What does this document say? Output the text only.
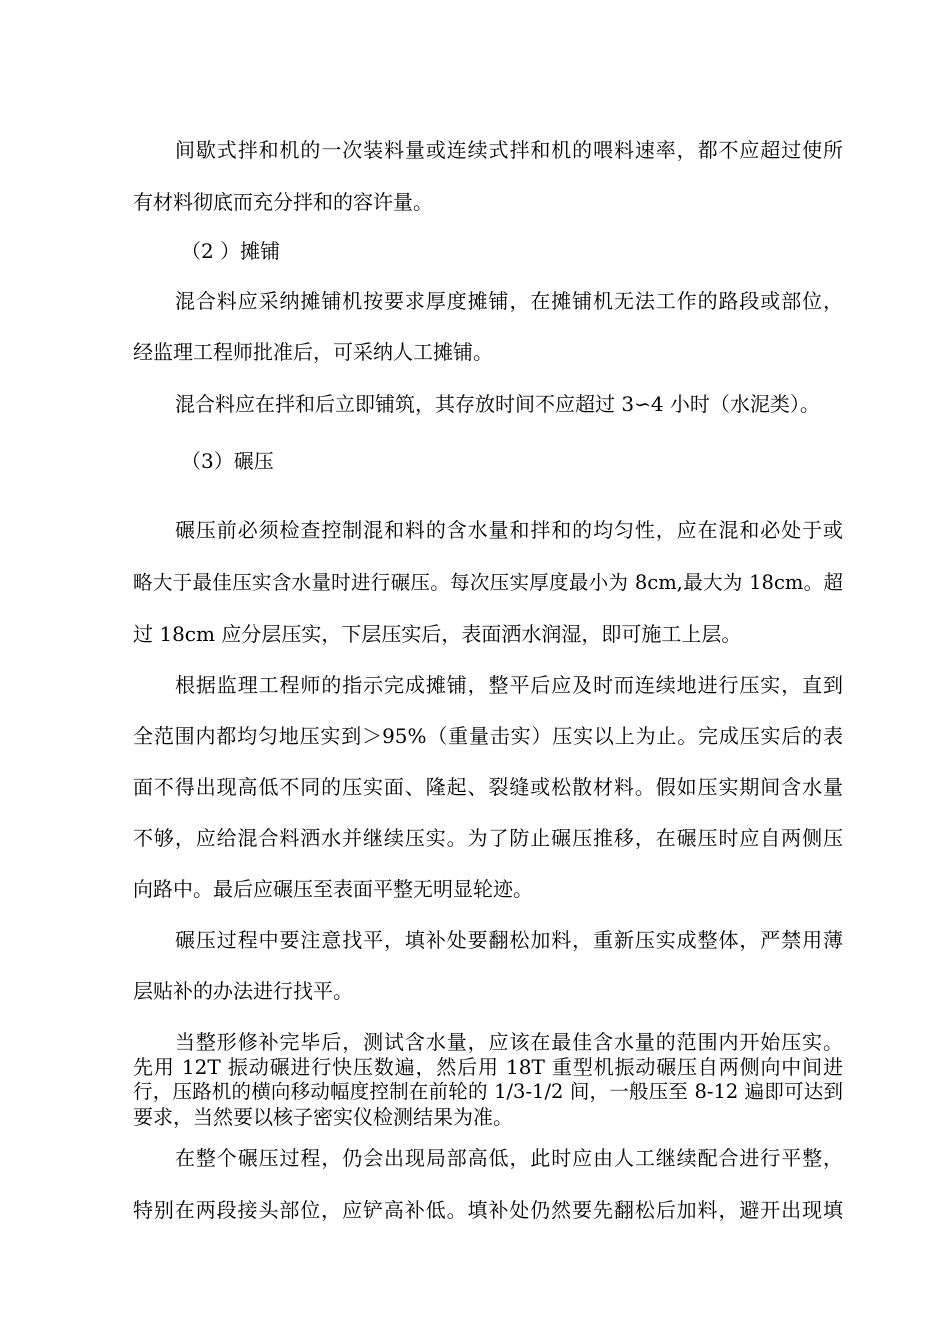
间歇式拌和机的一次装料量或连续式拌和机的喂料速率，都不应超过使所
有材料彻底而充分拌和的容许量。
（2 ）摊铺
混合料应采纳摊铺机按要求厚度摊铺，在摊铺机无法工作的路段或部位，
经监理工程师批准后，可采纳人工摊铺。
混合料应在拌和后立即铺筑，其存放时间不应超过 3∽4 小时（水泥类）。
（3）碾压
碾压前必须检查控制混和料的含水量和拌和的均匀性，应在混和必处于或
略大于最佳压实含水量时进行碾压。每次压实厚度最小为 8cm,最大为 18cm。超
过 18cm 应分层压实，下层压实后，表面洒水润湿，即可施工上层。
根据监理工程师的指示完成摊铺，整平后应及时而连续地进行压实，直到
全范围内都均匀地压实到＞95%（重量击实）压实以上为止。完成压实后的表
面不得出现高低不同的压实面、隆起、裂缝或松散材料。假如压实期间含水量
不够，应给混合料洒水并继续压实。为了防止碾压推移，在碾压时应自两侧压
向路中。最后应碾压至表面平整无明显轮迹。
碾压过程中要注意找平，填补处要翻松加料，重新压实成整体，严禁用薄
层贴补的办法进行找平。
当整形修补完毕后，测试含水量，应该在最佳含水量的范围内开始压实。
先用 12T 振动碾进行快压数遍，然后用 18T 重型机振动碾压自两侧向中间进
行，压路机的横向移动幅度控制在前轮的 1/3-1/2 间，一般压至 8-12 遍即可达到
要求，当然要以核子密实仪检测结果为准。
在整个碾压过程，仍会出现局部高低，此时应由人工继续配合进行平整，
特别在两段接头部位，应铲高补低。填补处仍然要先翻松后加料，避开出现填
